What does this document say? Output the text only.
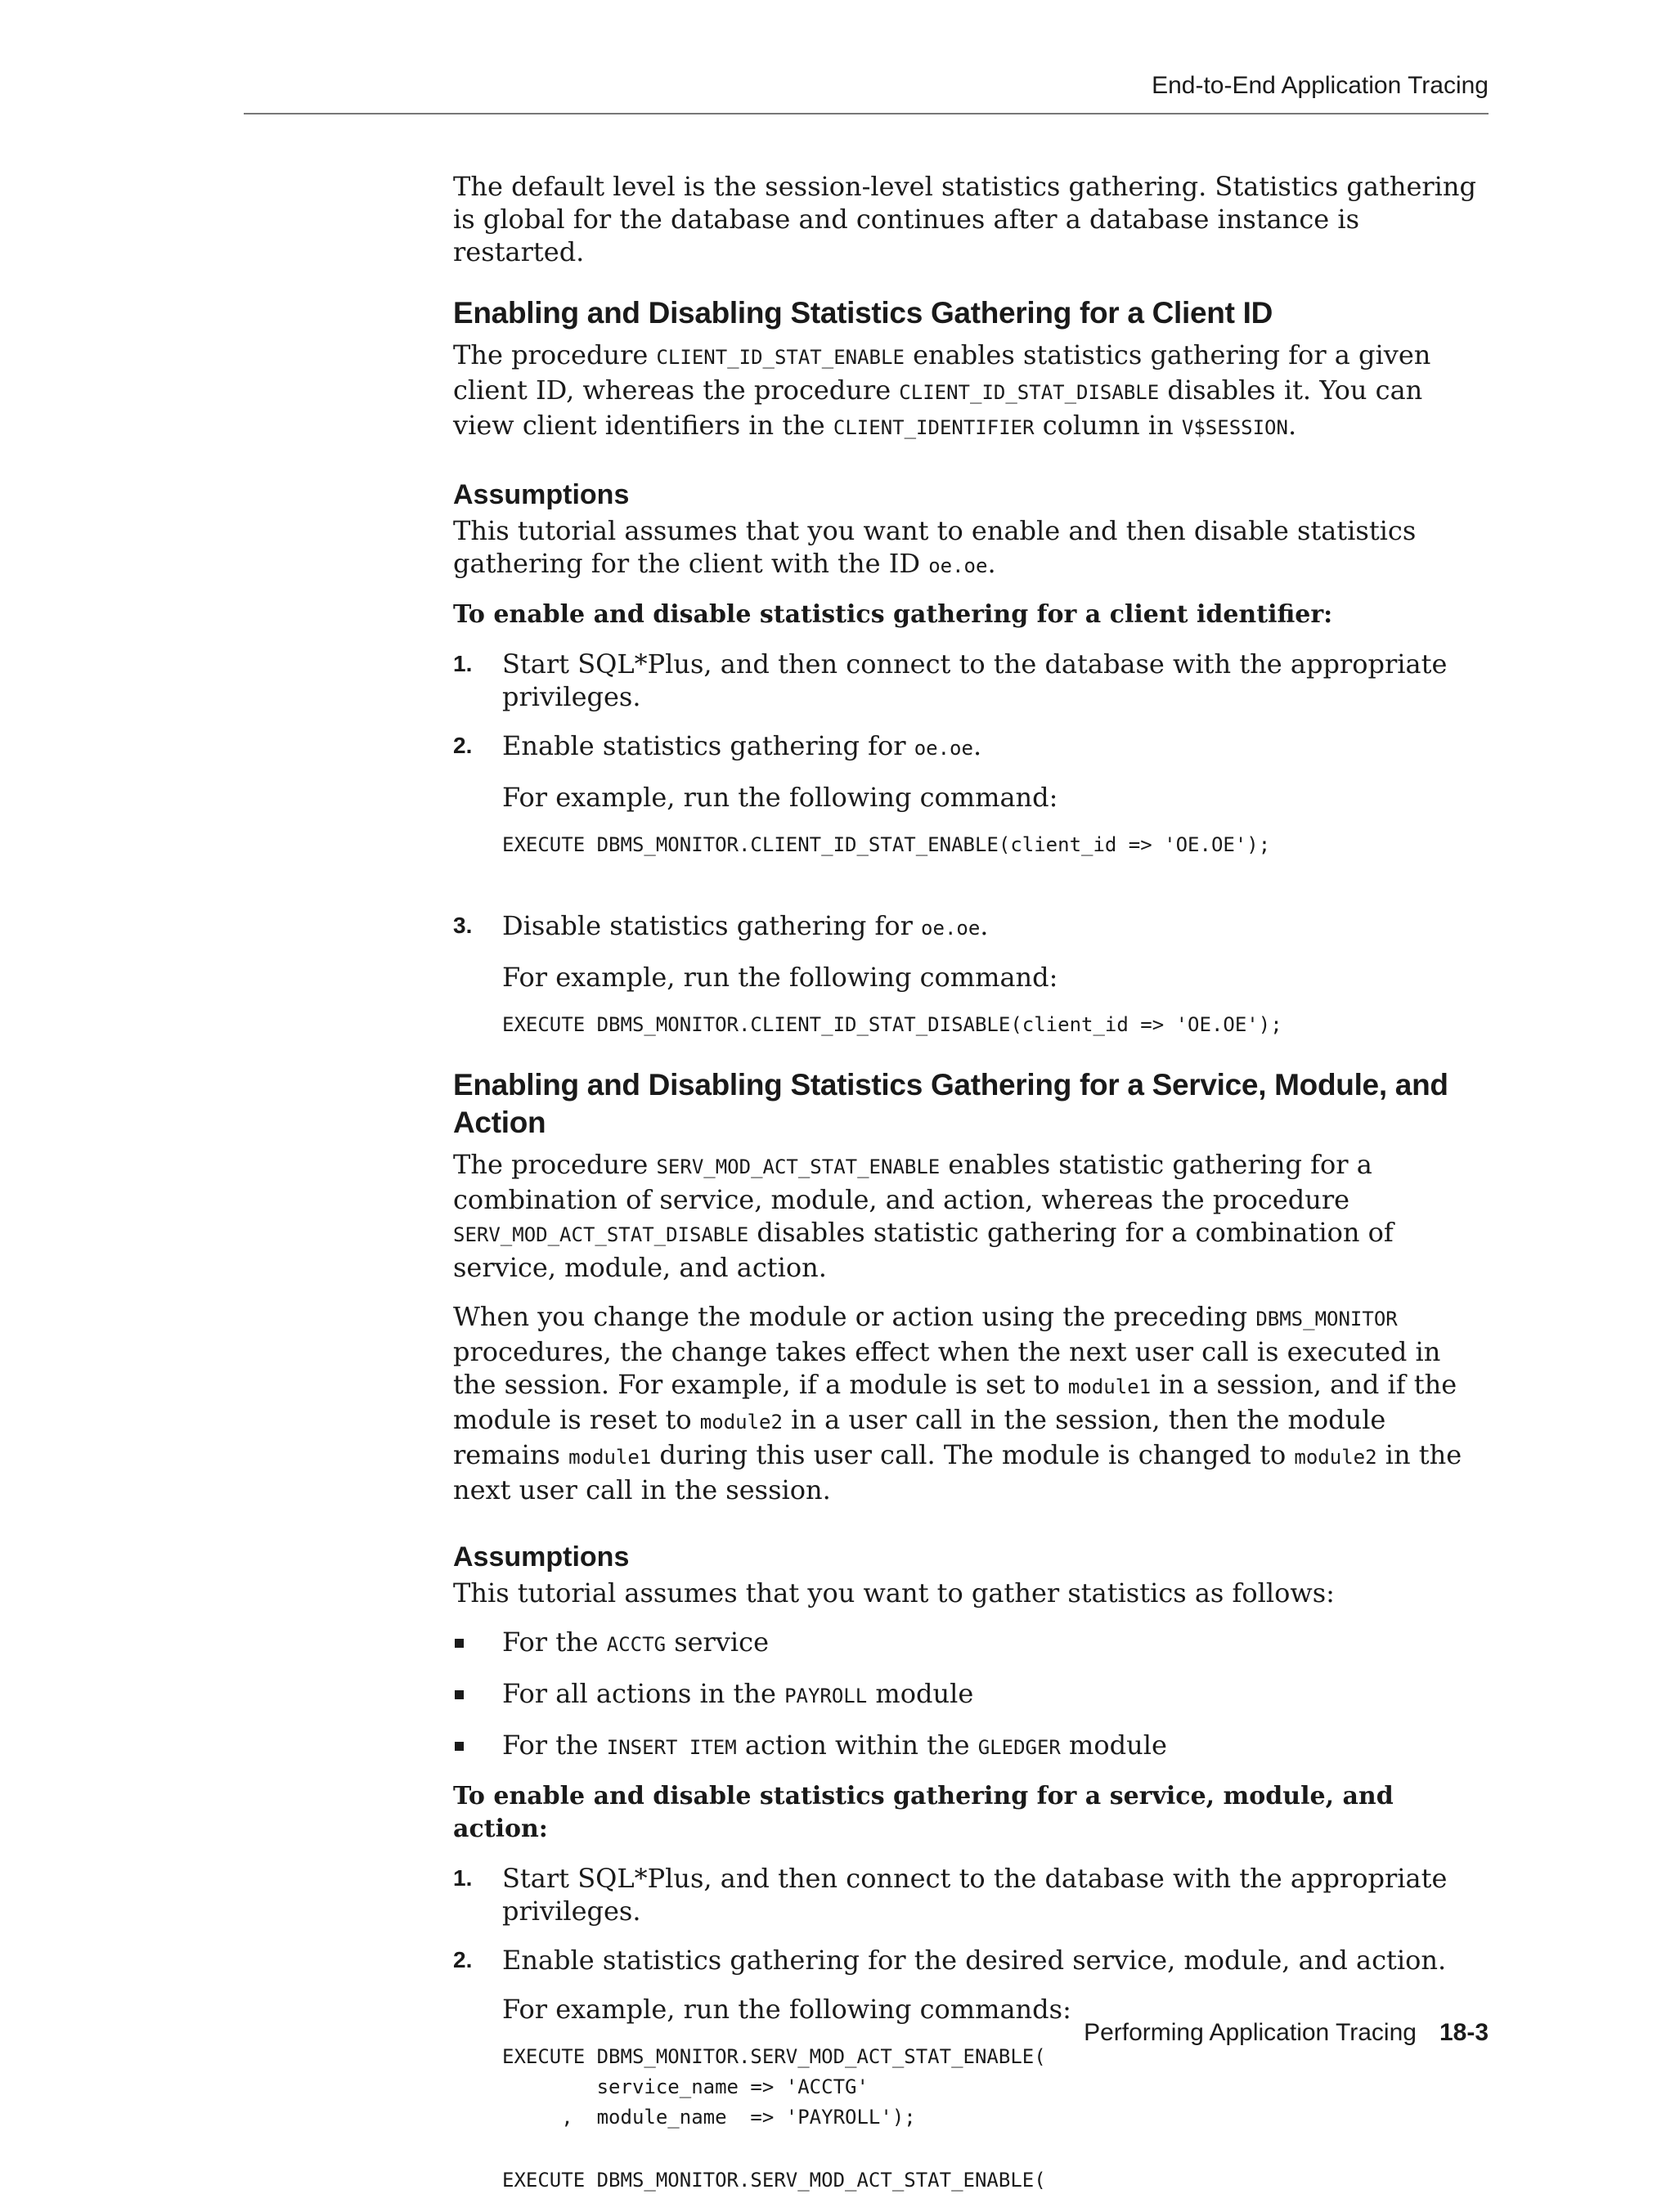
End-to-End Application Tracing

The default level is the session-level statistics gathering. Statistics gathering is global for the database and continues after a database instance is restarted.

Enabling and Disabling Statistics Gathering for a Client ID

The procedure CLIENT_ID_STAT_ENABLE enables statistics gathering for a given client ID, whereas the procedure CLIENT_ID_STAT_DISABLE disables it. You can view client identifiers in the CLIENT_IDENTIFIER column in V$SESSION.

Assumptions

This tutorial assumes that you want to enable and then disable statistics gathering for the client with the ID oe.oe.

To enable and disable statistics gathering for a client identifier:

1.	Start SQL*Plus, and then connect to the database with the appropriate privileges.

2.	Enable statistics gathering for oe.oe.

For example, run the following command:

EXECUTE DBMS_MONITOR.CLIENT_ID_STAT_ENABLE(client_id => 'OE.OE');
3.	Disable statistics gathering for oe.oe.

For example, run the following command:

EXECUTE DBMS_MONITOR.CLIENT_ID_STAT_DISABLE(client_id => 'OE.OE');
Enabling and Disabling Statistics Gathering for a Service, Module, and Action

The procedure SERV_MOD_ACT_STAT_ENABLE enables statistic gathering for a combination of service, module, and action, whereas the procedure SERV_MOD_ACT_STAT_DISABLE disables statistic gathering for a combination of service, module, and action.

When you change the module or action using the preceding DBMS_MONITOR procedures, the change takes effect when the next user call is executed in the session. For example, if a module is set to module1 in a session, and if the module is reset to module2 in a user call in the session, then the module remains module1 during this user call. The module is changed to module2 in the next user call in the session.

Assumptions

This tutorial assumes that you want to gather statistics as follows:

For the ACCTG service

For all actions in the PAYROLL module

For the INSERT ITEM action within the GLEDGER module

To enable and disable statistics gathering for a service, module, and action:

1.	Start SQL*Plus, and then connect to the database with the appropriate privileges.

2.	Enable statistics gathering for the desired service, module, and action.

For example, run the following commands:

EXECUTE DBMS_MONITOR.SERV_MOD_ACT_STAT_ENABLE(
service_name => 'ACCTG'
,  module_name  => 'PAYROLL');
EXECUTE DBMS_MONITOR.SERV_MOD_ACT_STAT_ENABLE(
Performing Application Tracing 18-3
